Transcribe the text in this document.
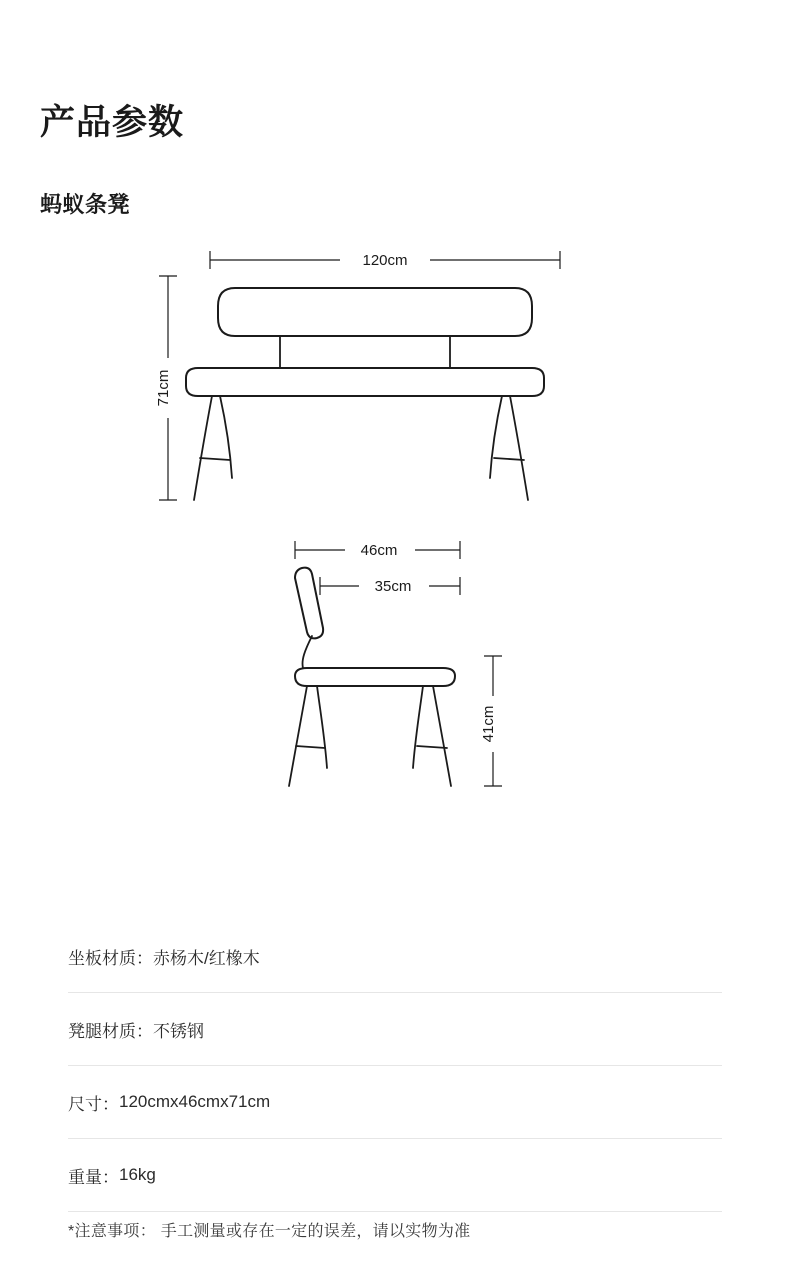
产品参数
蚂蚁条凳
120cm
71cm
46cm
35cm
41cm
坐板材质： 赤杨木/红橡木
凳腿材质： 不锈钢
尺寸： 120cmx46cmx71cm
重量： 16kg
*注意事项： 手工测量或存在一定的误差，请以实物为准
